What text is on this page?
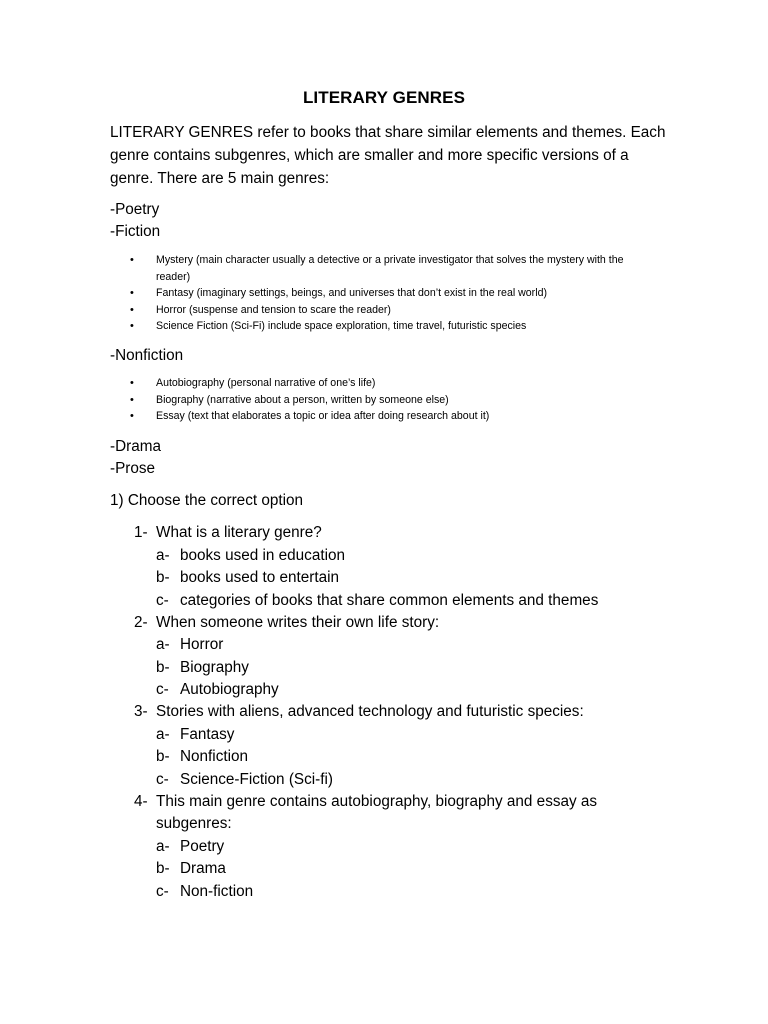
LITERARY GENRES

LITERARY GENRES refer to books that share similar elements and themes. Each genre contains subgenres, which are smaller and more specific versions of a genre. There are 5 main genres:

-Poetry
-Fiction
• Mystery (main character usually a detective or a private investigator that solves the mystery with the reader)
• Fantasy (imaginary settings, beings, and universes that don’t exist in the real world)
• Horror (suspense and tension to scare the reader)
• Science Fiction (Sci-Fi) include space exploration, time travel, futuristic species
-Nonfiction
• Autobiography (personal narrative of one’s life)
• Biography (narrative about a person, written by someone else)
• Essay (text that elaborates a topic or idea after doing research about it)
-Drama
-Prose
1) Choose the correct option
1- What is a literary genre?
a- books used in education
b- books used to entertain
c- categories of books that share common elements and themes
2- When someone writes their own life story:
a- Horror
b- Biography
c- Autobiography
3- Stories with aliens, advanced technology and futuristic species:
a- Fantasy
b- Nonfiction
c- Science-Fiction (Sci-fi)
4- This main genre contains autobiography, biography and essay as subgenres:
a- Poetry
b- Drama
c- Non-fiction
